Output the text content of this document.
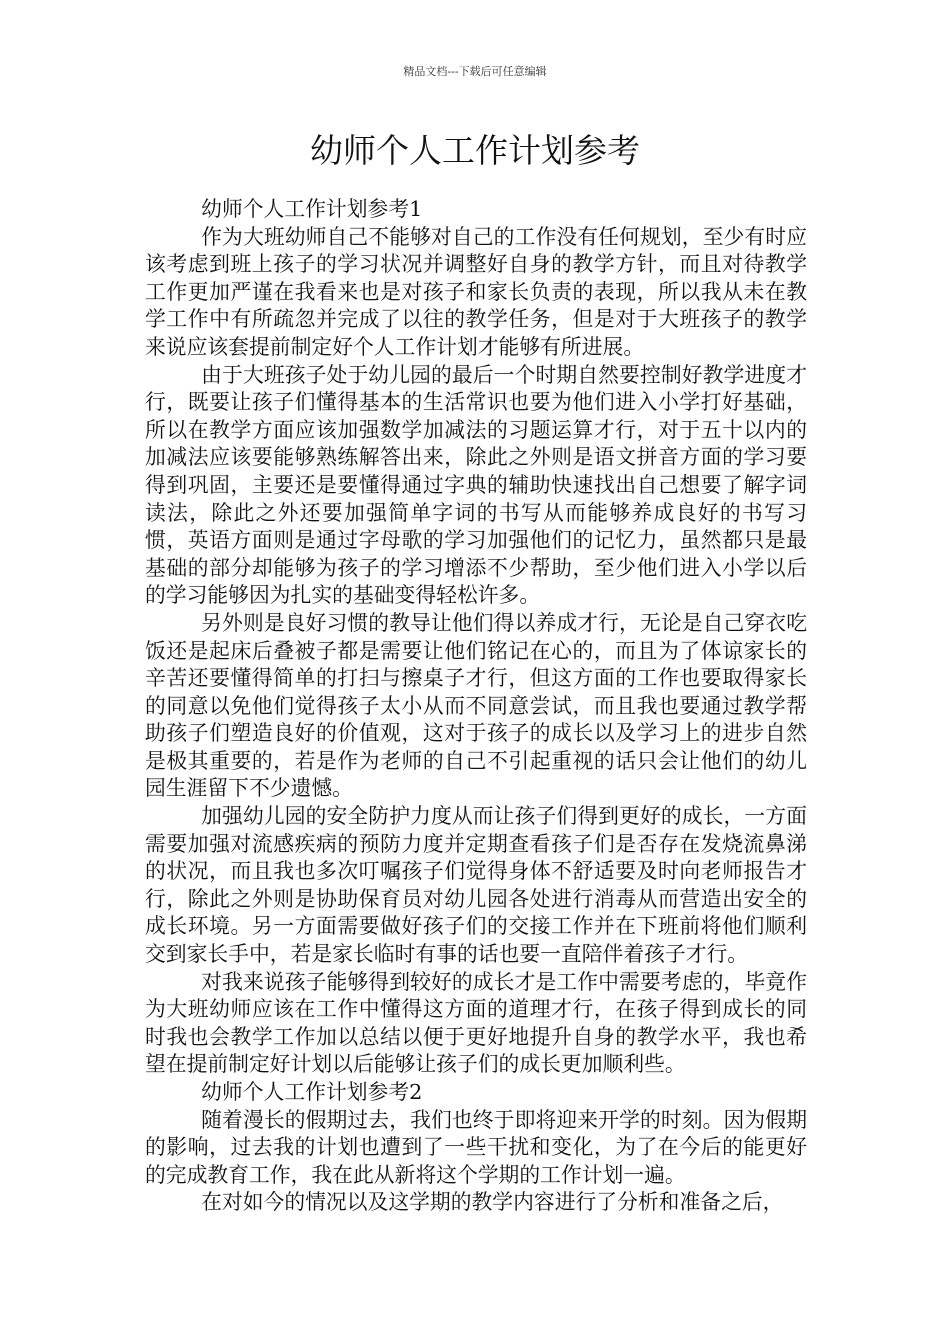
精品文档---下载后可任意编辑
幼师个人工作计划参考

幼师个人工作计划参考1

作为大班幼师自己不能够对自己的工作没有任何规划，至少有时应该考虑到班上孩子的学习状况并调整好自身的教学方针，而且对待教学工作更加严谨在我看来也是对孩子和家长负责的表现，所以我从未在教学工作中有所疏忽并完成了以往的教学任务，但是对于大班孩子的教学来说应该套提前制定好个人工作计划才能够有所进展。

由于大班孩子处于幼儿园的最后一个时期自然要控制好教学进度才行，既要让孩子们懂得基本的生活常识也要为他们进入小学打好基础，所以在教学方面应该加强数学加减法的习题运算才行，对于五十以内的加减法应该要能够熟练解答出来，除此之外则是语文拼音方面的学习要得到巩固，主要还是要懂得通过字典的辅助快速找出自己想要了解字词读法，除此之外还要加强简单字词的书写从而能够养成良好的书写习惯，英语方面则是通过字母歌的学习加强他们的记忆力，虽然都只是最基础的部分却能够为孩子的学习增添不少帮助，至少他们进入小学以后的学习能够因为扎实的基础变得轻松许多。

另外则是良好习惯的教导让他们得以养成才行，无论是自己穿衣吃饭还是起床后叠被子都是需要让他们铭记在心的，而且为了体谅家长的辛苦还要懂得简单的打扫与擦桌子才行，但这方面的工作也要取得家长的同意以免他们觉得孩子太小从而不同意尝试，而且我也要通过教学帮助孩子们塑造良好的价值观，这对于孩子的成长以及学习上的进步自然是极其重要的，若是作为老师的自己不引起重视的话只会让他们的幼儿园生涯留下不少遗憾。

加强幼儿园的安全防护力度从而让孩子们得到更好的成长，一方面需要加强对流感疾病的预防力度并定期查看孩子们是否存在发烧流鼻涕的状况，而且我也多次叮嘱孩子们觉得身体不舒适要及时向老师报告才行，除此之外则是协助保育员对幼儿园各处进行消毒从而营造出安全的成长环境。另一方面需要做好孩子们的交接工作并在下班前将他们顺利交到家长手中，若是家长临时有事的话也要一直陪伴着孩子才行。

对我来说孩子能够得到较好的成长才是工作中需要考虑的，毕竟作为大班幼师应该在工作中懂得这方面的道理才行，在孩子得到成长的同时我也会教学工作加以总结以便于更好地提升自身的教学水平，我也希望在提前制定好计划以后能够让孩子们的成长更加顺利些。

幼师个人工作计划参考2

随着漫长的假期过去，我们也终于即将迎来开学的时刻。因为假期的影响，过去我的计划也遭到了一些干扰和变化，为了在今后的能更好的完成教育工作，我在此从新将这个学期的工作计划一遍。

在对如今的情况以及这学期的教学内容进行了分析和准备之后，
